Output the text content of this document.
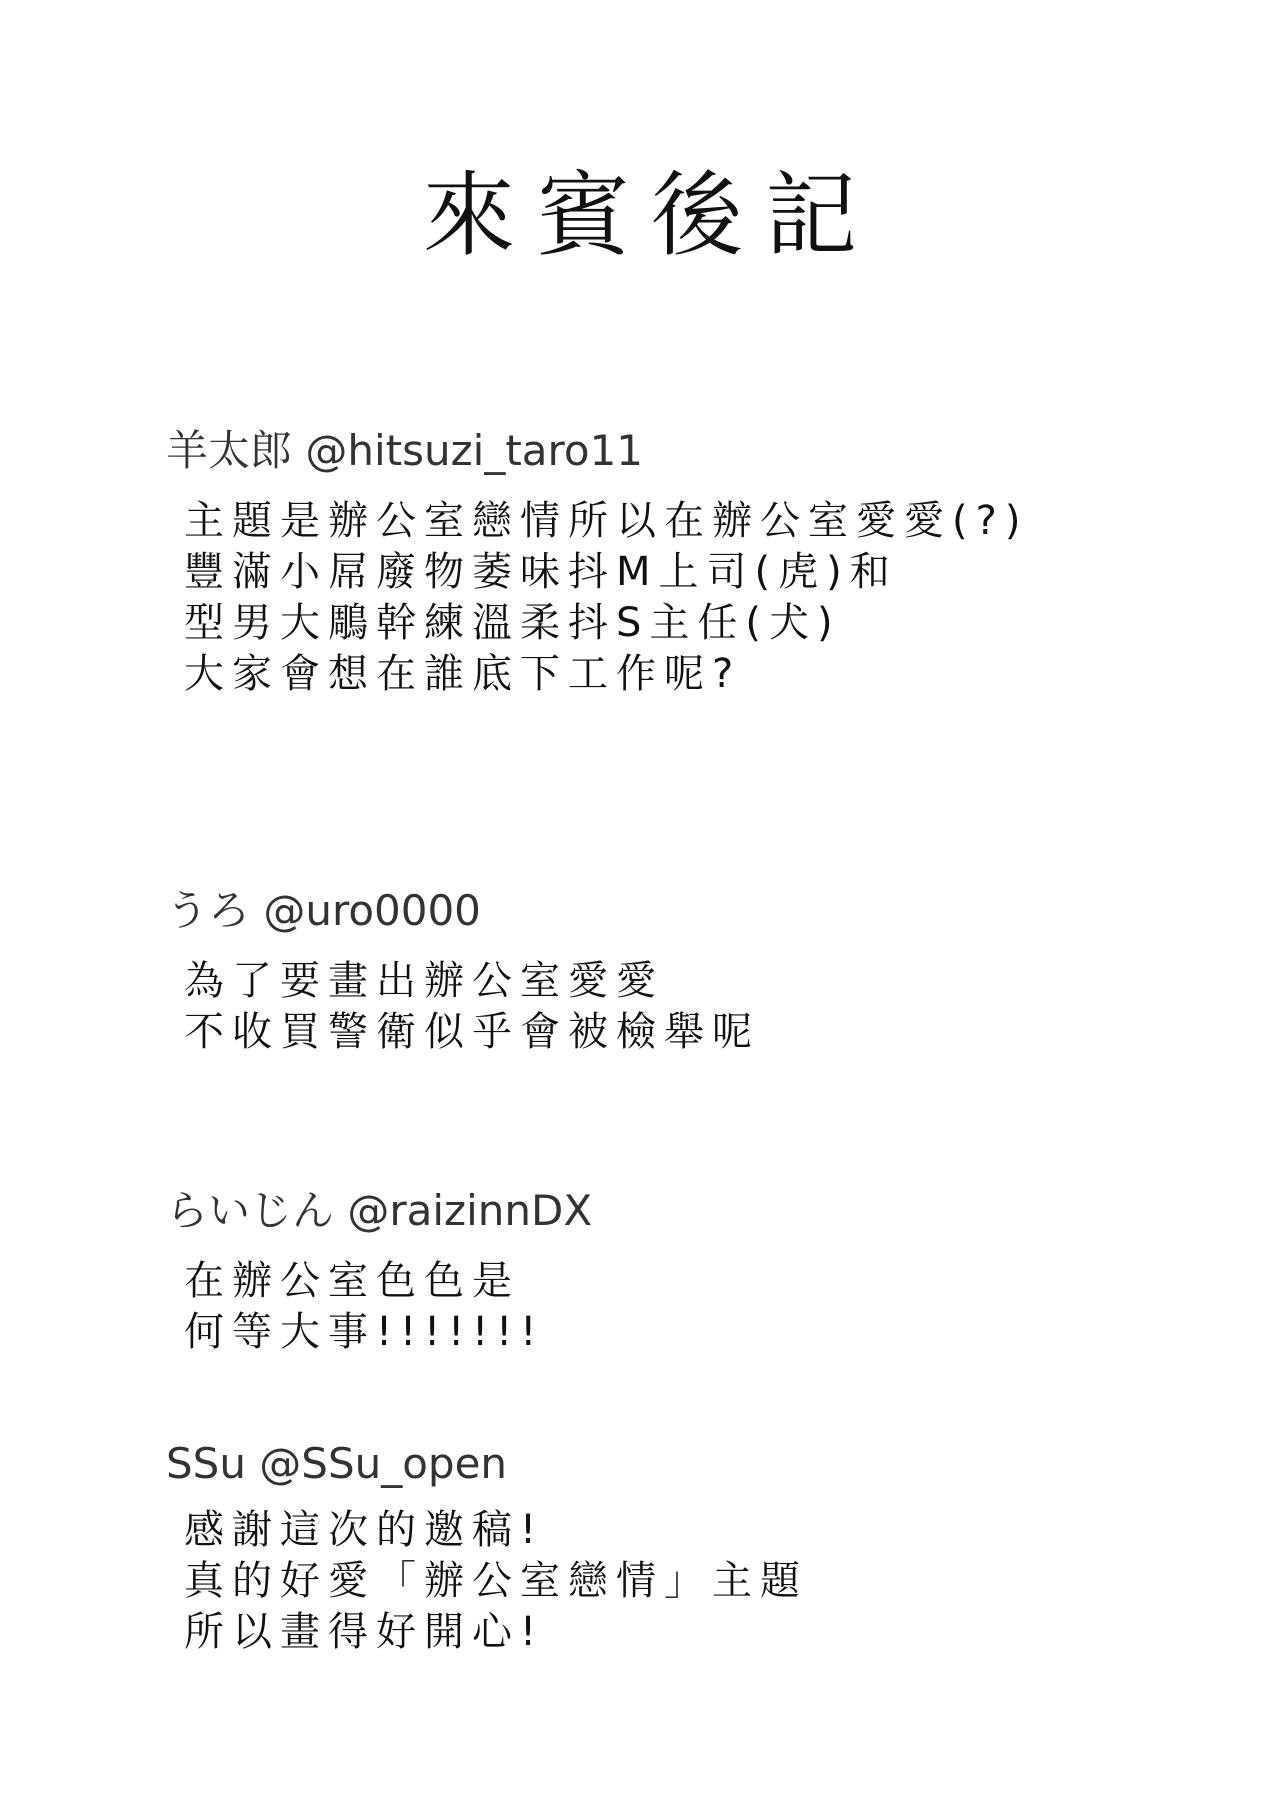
來賓後記

羊太郎 @hitsuzi_taro11

主題是辦公室戀情所以在辦公室愛愛(?)
豐滿小屌廢物萎味抖M上司(虎)和
型男大鵰幹練溫柔抖S主任(犬)
大家會想在誰底下工作呢?

うろ @uro0000

為了要畫出辦公室愛愛
不收買警衛似乎會被檢舉呢

らいじん @raizinnDX

在辦公室色色是
何等大事!!!!!!!

SSu @SSu_open

感謝這次的邀稿!
真的好愛「辦公室戀情」主題
所以畫得好開心!
